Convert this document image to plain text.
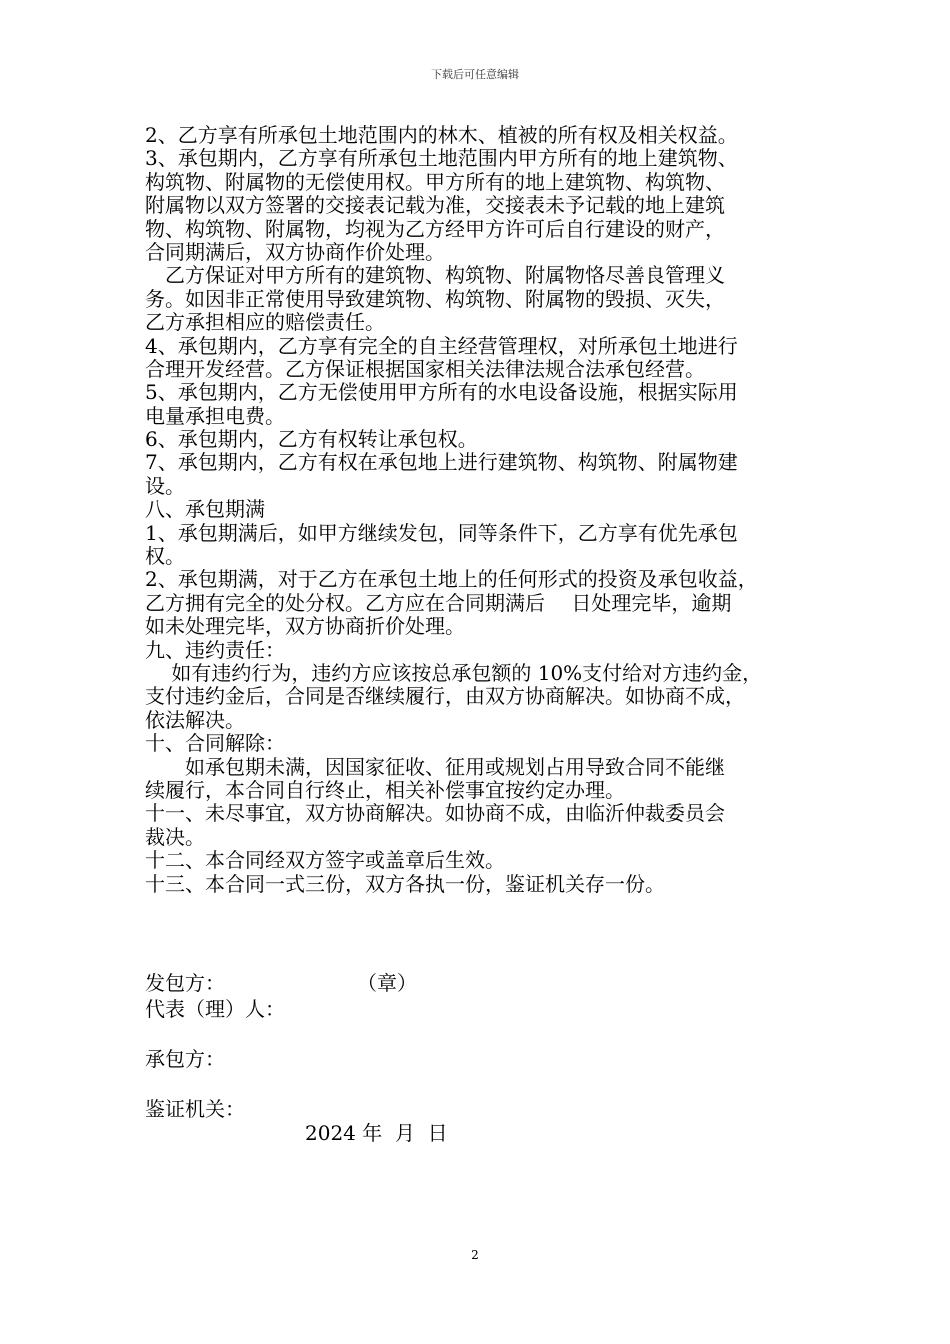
下载后可任意编辑
2、乙方享有所承包土地范围内的林木、植被的所有权及相关权益。
3、承包期内，乙方享有所承包土地范围内甲方所有的地上建筑物、
构筑物、附属物的无偿使用权。甲方所有的地上建筑物、构筑物、
附属物以双方签署的交接表记载为准，交接表未予记载的地上建筑
物、构筑物、附属物，均视为乙方经甲方许可后自行建设的财产，
合同期满后，双方协商作价处理。
　乙方保证对甲方所有的建筑物、构筑物、附属物恪尽善良管理义
务。如因非正常使用导致建筑物、构筑物、附属物的毁损、灭失，
乙方承担相应的赔偿责任。
4、承包期内，乙方享有完全的自主经营管理权，对所承包土地进行
合理开发经营。乙方保证根据国家相关法律法规合法承包经营。
5、承包期内，乙方无偿使用甲方所有的水电设备设施，根据实际用
电量承担电费。
6、承包期内，乙方有权转让承包权。
7、承包期内，乙方有权在承包地上进行建筑物、构筑物、附属物建
设。
八、承包期满
1、承包期满后，如甲方继续发包，同等条件下，乙方享有优先承包
权。
2、承包期满，对于乙方在承包土地上的任何形式的投资及承包收益，
乙方拥有完全的处分权。乙方应在合同期满后　 日处理完毕，逾期
如未处理完毕，双方协商折价处理。
九、违约责任：
　 如有违约行为，违约方应该按总承包额的 10%支付给对方违约金，
支付违约金后，合同是否继续履行，由双方协商解决。如协商不成，
依法解决。
十、合同解除：
　　如承包期未满，因国家征收、征用或规划占用导致合同不能继
续履行，本合同自行终止，相关补偿事宜按约定办理。
十一、未尽事宜，双方协商解决。如协商不成，由临沂仲裁委员会
裁决。
十二、本合同经双方签字或盖章后生效。
十三、本合同一式三份，双方各执一份，鉴证机关存一份。
发包方：	（章）
代表（理）人：
承包方：
鉴证机关：
2024 年  月  日
2
